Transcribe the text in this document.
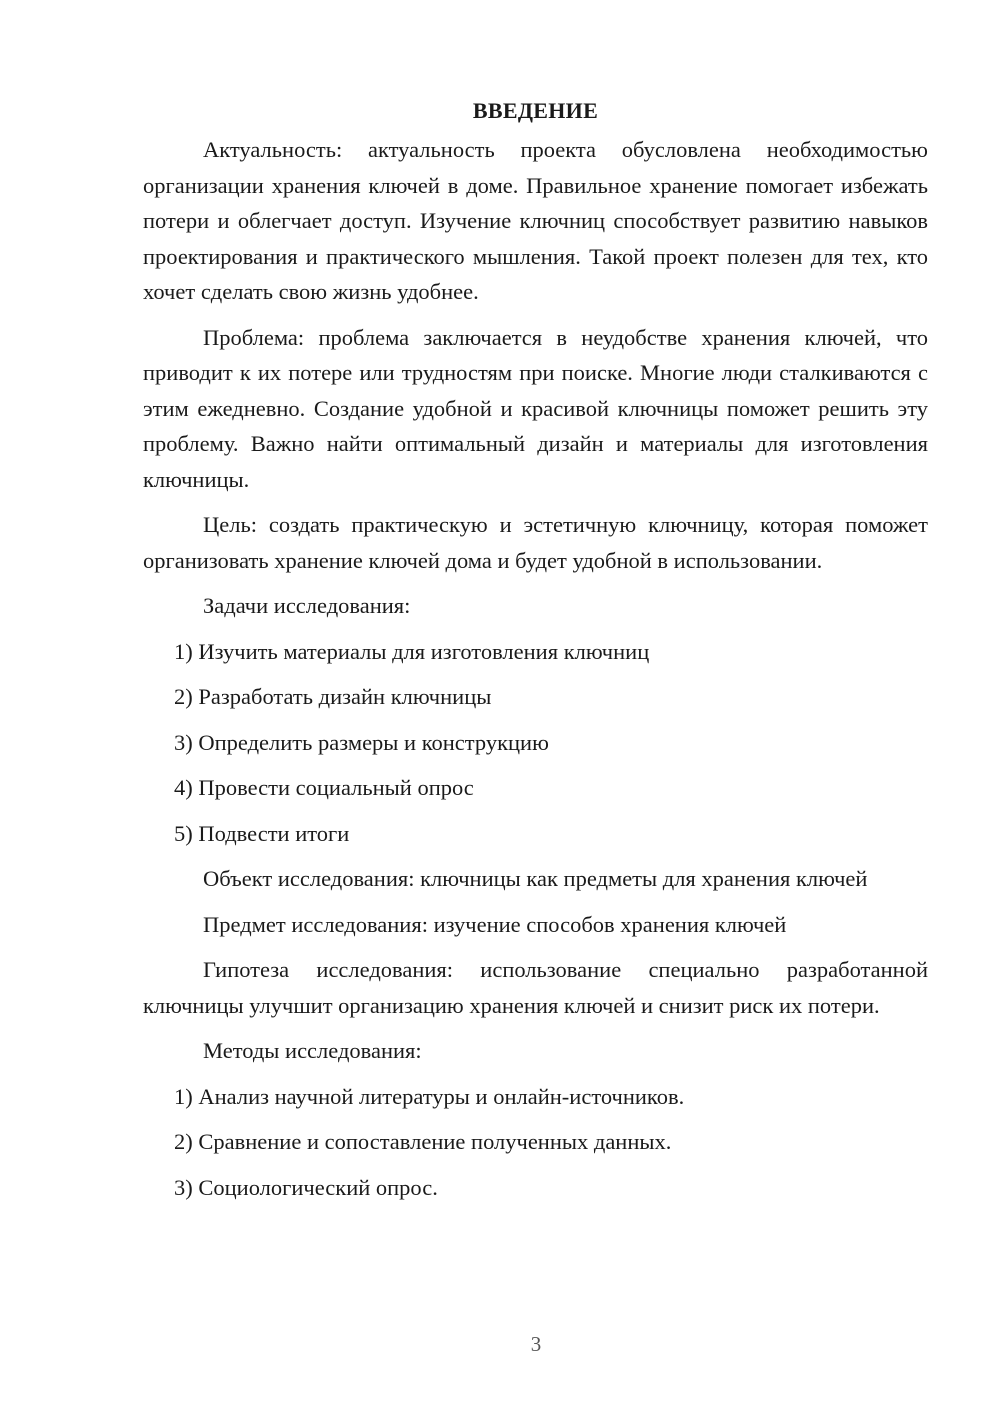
ВВЕДЕНИЕ

Актуальность: актуальность проекта обусловлена необходимостью организации хранения ключей в доме. Правильное хранение помогает избежать потери и облегчает доступ. Изучение ключниц способствует развитию навыков проектирования и практического мышления. Такой проект полезен для тех, кто хочет сделать свою жизнь удобнее.

Проблема: проблема заключается в неудобстве хранения ключей, что приводит к их потере или трудностям при поиске. Многие люди сталкиваются с этим ежедневно. Создание удобной и красивой ключницы поможет решить эту проблему. Важно найти оптимальный дизайн и материалы для изготовления ключницы.

Цель: создать практическую и эстетичную ключницу, которая поможет организовать хранение ключей дома и будет удобной в использовании.

Задачи исследования:
1) Изучить материалы для изготовления ключниц
2) Разработать дизайн ключницы
3) Определить размеры и конструкцию
4) Провести социальный опрос
5) Подвести итоги

Объект исследования: ключницы как предметы для хранения ключей

Предмет исследования: изучение способов хранения ключей

Гипотеза исследования: использование специально разработанной ключницы улучшит организацию хранения ключей и снизит риск их потери.

Методы исследования:
1) Анализ научной литературы и онлайн-источников.
2) Сравнение и сопоставление полученных данных.
3) Социологический опрос.
3
